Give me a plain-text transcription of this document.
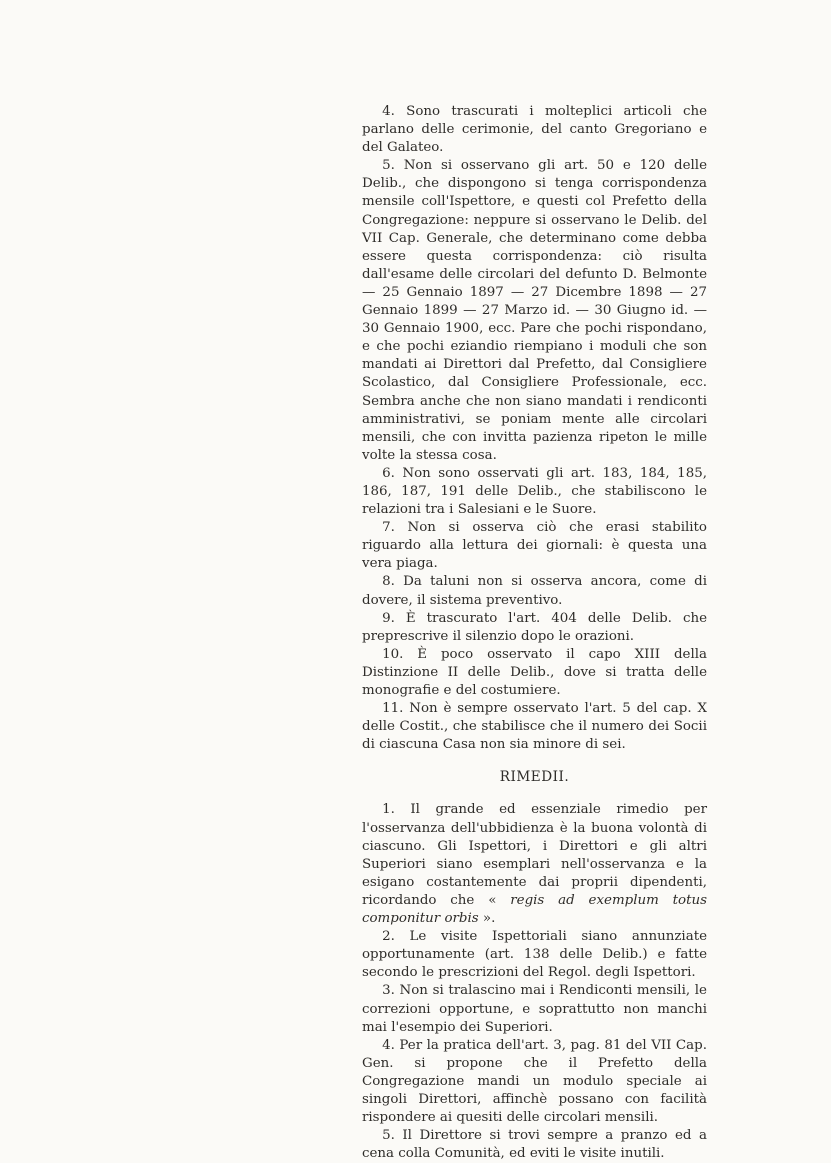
4. Sono trascurati i molteplici articoli che parlano delle cerimonie, del canto Gregoriano e del Galateo.

5. Non si osservano gli art. 50 e 120 delle Delib., che dispongono si tenga corrispondenza mensile coll'Ispettore, e questi col Prefetto della Congregazione: neppure si osservano le Delib. del VII Cap. Generale, che determinano come debba essere questa corrispondenza: ciò risulta dall'esame delle circolari del defunto D. Belmonte — 25 Gennaio 1897 — 27 Dicembre 1898 — 27 Gennaio 1899 — 27 Marzo id. — 30 Giugno id. — 30 Gennaio 1900, ecc. Pare che pochi rispondano, e che pochi eziandio riempiano i moduli che son mandati ai Direttori dal Prefetto, dal Consigliere Scolastico, dal Consigliere Professionale, ecc. Sembra anche che non siano mandati i rendiconti amministrativi, se poniam mente alle circolari mensili, che con invitta pazienza ripeton le mille volte la stessa cosa.

6. Non sono osservati gli art. 183, 184, 185, 186, 187, 191 delle Delib., che stabiliscono le relazioni tra i Salesiani e le Suore.

7. Non si osserva ciò che erasi stabilito riguardo alla lettura dei giornali: è questa una vera piaga.

8. Da taluni non si osserva ancora, come di dovere, il sistema preventivo.

9. È trascurato l'art. 404 delle Delib. che preprescrive il silenzio dopo le orazioni.

10. È poco osservato il capo XIII della Distinzione II delle Delib., dove si tratta delle monografie e del costumiere.

11. Non è sempre osservato l'art. 5 del cap. X delle Costit., che stabilisce che il numero dei Socii di ciascuna Casa non sia minore di sei.

RIMEDII.

1. Il grande ed essenziale rimedio per l'osservanza dell'ubbidienza è la buona volontà di ciascuno. Gli Ispettori, i Direttori e gli altri Superiori siano esemplari nell'osservanza e la esigano costantemente dai proprii dipendenti, ricordando che « regis ad exemplum totus componitur orbis ».

2. Le visite Ispettoriali siano annunziate opportunamente (art. 138 delle Delib.) e fatte secondo le prescrizioni del Regol. degli Ispettori.

3. Non si tralascino mai i Rendiconti mensili, le correzioni opportune, e soprattutto non manchi mai l'esempio dei Superiori.

4. Per la pratica dell'art. 3, pag. 81 del VII Cap. Gen. si propone che il Prefetto della Congregazione mandi un modulo speciale ai singoli Direttori, affinchè possano con facilità rispondere ai quesiti delle circolari mensili.

5. Il Direttore si trovi sempre a pranzo ed a cena colla Comunità, ed eviti le visite inutili.
